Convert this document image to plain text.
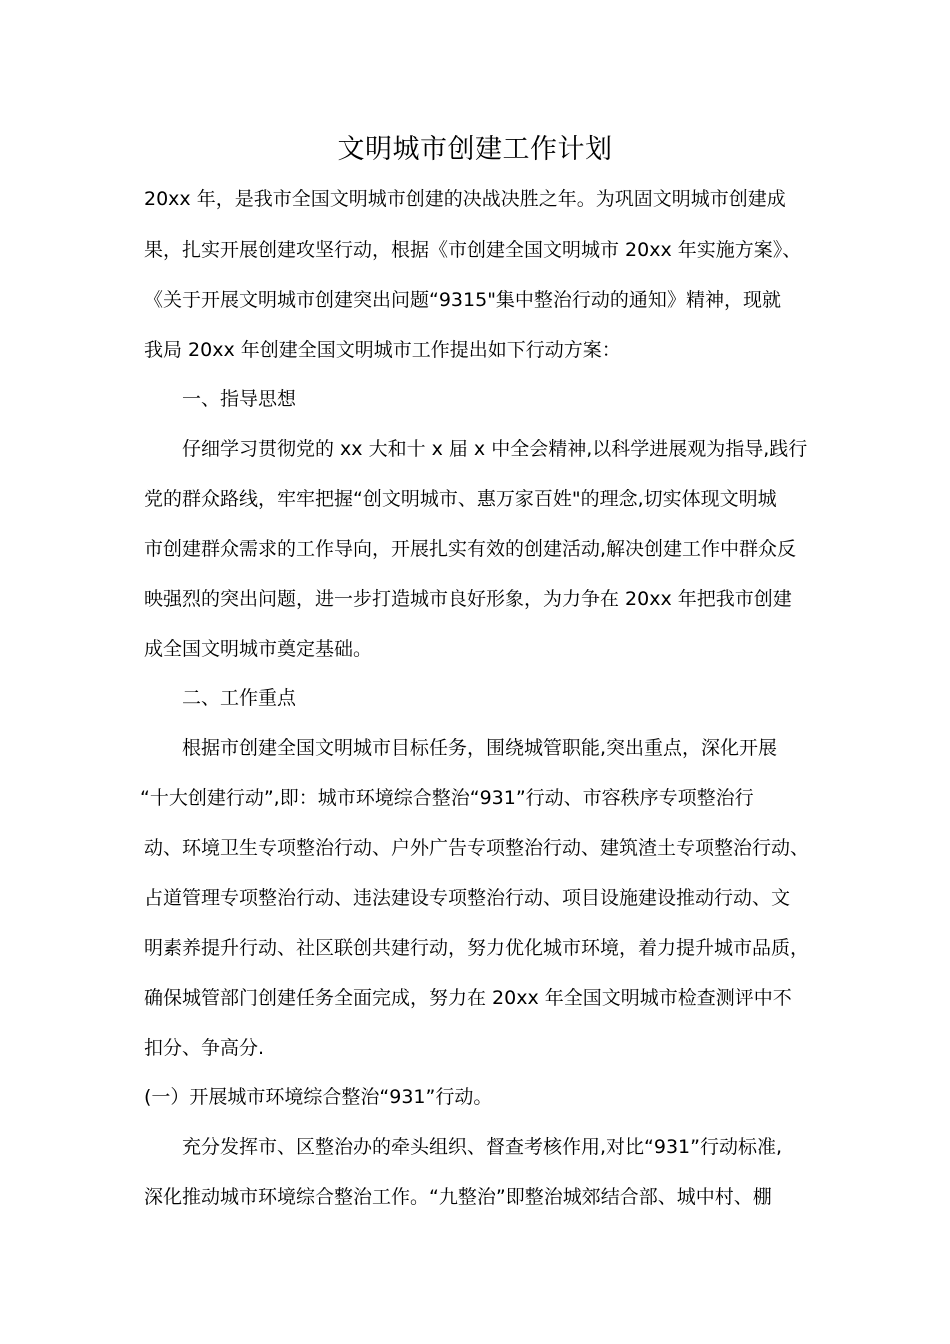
文明城市创建工作计划
20xx 年，是我市全国文明城市创建的决战决胜之年。为巩固文明城市创建成
果，扎实开展创建攻坚行动，根据《市创建全国文明城市 20xx 年实施方案》、
《关于开展文明城市创建突出问题“9315"集中整治行动的通知》精神，现就
我局 20xx 年创建全国文明城市工作提出如下行动方案：
一、指导思想
仔细学习贯彻党的 xx 大和十 x 届 x 中全会精神,以科学进展观为指导,践行
党的群众路线，牢牢把握“创文明城市、惠万家百姓"的理念,切实体现文明城
市创建群众需求的工作导向，开展扎实有效的创建活动,解决创建工作中群众反
映强烈的突出问题，进一步打造城市良好形象，为力争在 20xx 年把我市创建
成全国文明城市奠定基础。
二、工作重点
根据市创建全国文明城市目标任务，围绕城管职能,突出重点，深化开展
“十大创建行动”,即：城市环境综合整治“931”行动、市容秩序专项整治行
动、环境卫生专项整治行动、户外广告专项整治行动、建筑渣土专项整治行动、
占道管理专项整治行动、违法建设专项整治行动、项目设施建设推动行动、文
明素养提升行动、社区联创共建行动，努力优化城市环境，着力提升城市品质，
确保城管部门创建任务全面完成，努力在 20xx 年全国文明城市检查测评中不
扣分、争高分.
(一）开展城市环境综合整治“931”行动。
充分发挥市、区整治办的牵头组织、督查考核作用,对比“931”行动标准,
深化推动城市环境综合整治工作。“九整治”即整治城郊结合部、城中村、棚
